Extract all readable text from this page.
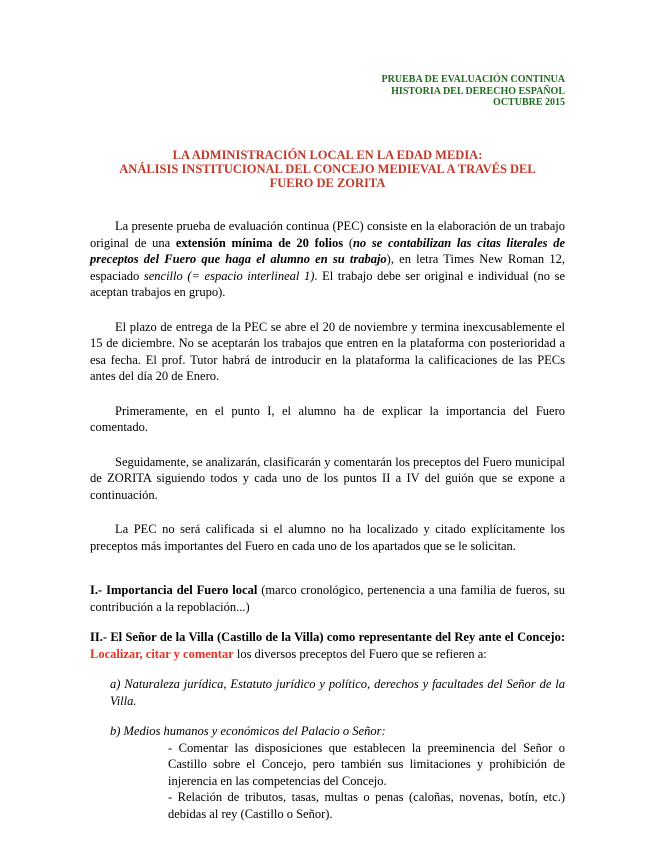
PRUEBA DE EVALUACIÓN CONTINUA
HISTORIA DEL DERECHO ESPAÑOL
OCTUBRE 2015
LA ADMINISTRACIÓN LOCAL EN LA EDAD MEDIA:
ANÁLISIS INSTITUCIONAL DEL CONCEJO MEDIEVAL A TRAVÉS DEL
FUERO DE ZORITA

La presente prueba de evaluación continua (PEC) consiste en la elaboración de un trabajo original de una extensión mínima de 20 folios (no se contabilizan las citas literales de preceptos del Fuero que haga el alumno en su trabajo), en letra Times New Roman 12, espaciado sencillo (= espacio interlineal 1). El trabajo debe ser original e individual (no se aceptan trabajos en grupo).

El plazo de entrega de la PEC se abre el 20 de noviembre y termina inexcusablemente el 15 de diciembre. No se aceptarán los trabajos que entren en la plataforma con posterioridad a esa fecha. El prof. Tutor habrá de introducir en la plataforma la calificaciones de las PECs antes del día 20 de Enero.

Primeramente, en el punto I, el alumno ha de explicar la importancia del Fuero comentado.

Seguidamente, se analizarán, clasificarán y comentarán los preceptos del Fuero municipal de ZORITA siguiendo todos y cada uno de los puntos II a IV del guión que se expone a continuación.

La PEC no será calificada si el alumno no ha localizado y citado explícitamente los preceptos más importantes del Fuero en cada uno de los apartados que se le solicitan.

I.- Importancia del Fuero local (marco cronológico, pertenencia a una familia de fueros, su contribución a la repoblación...)

II.- El Señor de la Villa (Castillo de la Villa) como representante del Rey ante el Concejo: Localizar, citar y comentar los diversos preceptos del Fuero que se refieren a:

a) Naturaleza jurídica, Estatuto jurídico y político, derechos y facultades del Señor de la Villa.

b) Medios humanos y económicos del Palacio o Señor:

- Comentar las disposiciones que establecen la preeminencia del Señor o Castillo sobre el Concejo, pero también sus limitaciones y prohibición de injerencia en las competencias del Concejo.
- Relación de tributos, tasas, multas o penas (caloñas, novenas, botín, etc.) debidas al rey (Castillo o Señor).
